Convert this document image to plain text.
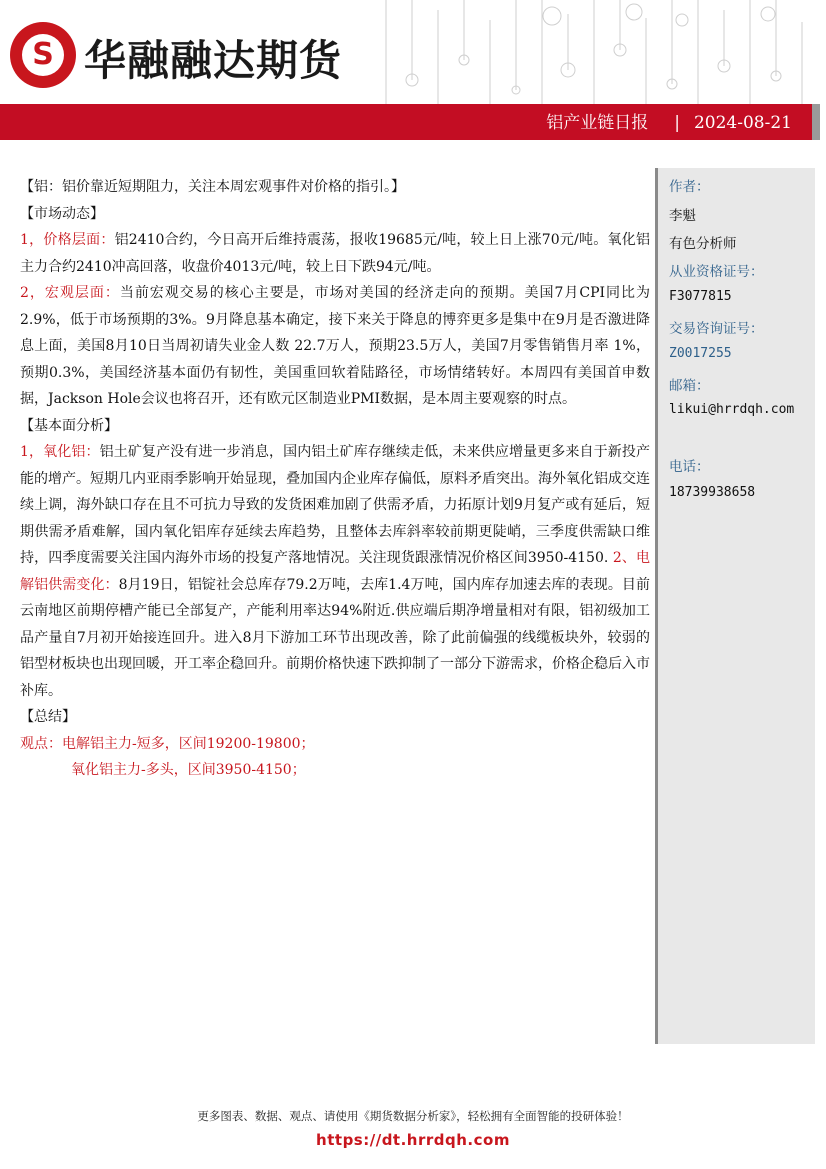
S 华融融达期货
铝产业链日报 | 2024-08-21

【铝：铝价靠近短期阻力，关注本周宏观事件对价格的指引。】

【市场动态】

1，价格层面：铝2410合约，今日高开后维持震荡，报收19685元/吨，较上日上涨70元/吨。氧化铝主力合约2410冲高回落，收盘价4013元/吨，较上日下跌94元/吨。

2，宏观层面：当前宏观交易的核心主要是，市场对美国的经济走向的预期。美国7月CPI同比为2.9%，低于市场预期的3%。9月降息基本确定，接下来关于降息的博弈更多是集中在9月是否激进降息上面，美国8月10日当周初请失业金人数 22.7万人，预期23.5万人，美国7月零售销售月率 1%，预期0.3%，美国经济基本面仍有韧性，美国重回软着陆路径，市场情绪转好。本周四有美国首申数据，Jackson Hole会议也将召开，还有欧元区制造业PMI数据，是本周主要观察的时点。

【基本面分析】

1，氧化铝：铝土矿复产没有进一步消息，国内铝土矿库存继续走低，未来供应增量更多来自于新投产能的增产。短期几内亚雨季影响开始显现，叠加国内企业库存偏低，原料矛盾突出。海外氧化铝成交连续上调，海外缺口存在且不可抗力导致的发货困难加剧了供需矛盾，力拓原计划9月复产或有延后，短期供需矛盾难解，国内氧化铝库存延续去库趋势，且整体去库斜率较前期更陡峭，三季度供需缺口维持，四季度需要关注国内海外市场的投复产落地情况。关注现货跟涨情况价格区间3950-4150. 2、电解铝供需变化：8月19日，铝锭社会总库存79.2万吨，去库1.4万吨，国内库存加速去库的表现。目前云南地区前期停槽产能已全部复产，产能利用率达94%附近.供应端后期净增量相对有限，铝初级加工品产量自7月初开始接连回升。进入8月下游加工环节出现改善，除了此前偏强的线缆板块外，较弱的铝型材板块也出现回暖，开工率企稳回升。前期价格快速下跌抑制了一部分下游需求，价格企稳后入市补库。

【总结】

观点：电解铝主力-短多，区间19200-19800；

氧化铝主力-多头，区间3950-4150；

作者：
李魁
有色分析师
从业资格证号：
F3077815
交易咨询证号：
Z0017255
邮箱：
likui@hrrdqh.com
电话：
18739938658
更多图表、数据、观点、请使用《期货数据分析家》，轻松拥有全面智能的投研体验！
https://dt.hrrdqh.com
